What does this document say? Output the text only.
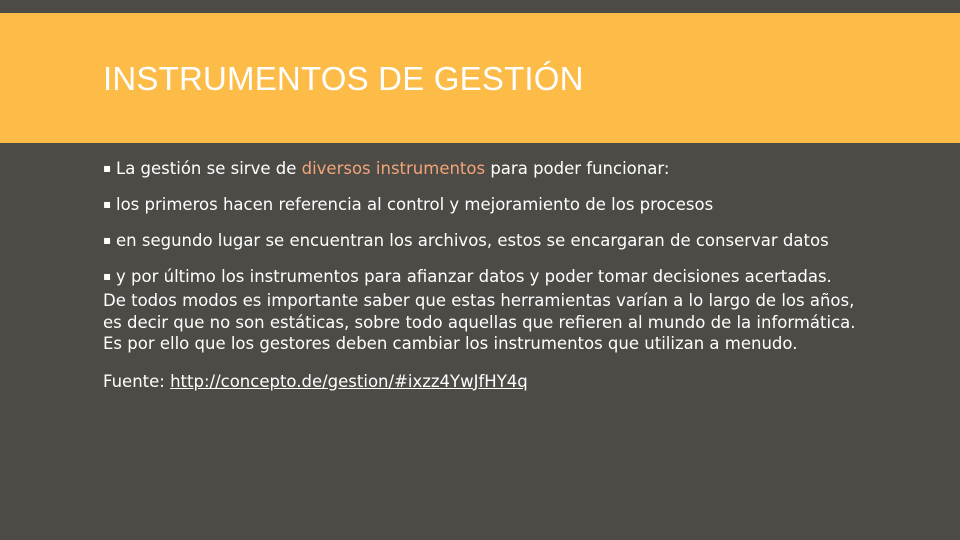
INSTRUMENTOS DE GESTIÓN
▪ La gestión se sirve de diversos instrumentos para poder funcionar:
▪ los primeros hacen referencia al control y mejoramiento de los procesos
▪ en segundo lugar se encuentran los archivos, estos se encargaran de conservar datos
▪ y por último los instrumentos para afianzar datos y poder tomar decisiones acertadas.

De todos modos es importante saber que estas herramientas varían a lo largo de los años, es decir que no son estáticas, sobre todo aquellas que refieren al mundo de la informática. Es por ello que los gestores deben cambiar los instrumentos que utilizan a menudo.

Fuente: http://concepto.de/gestion/#ixzz4YwJfHY4q
